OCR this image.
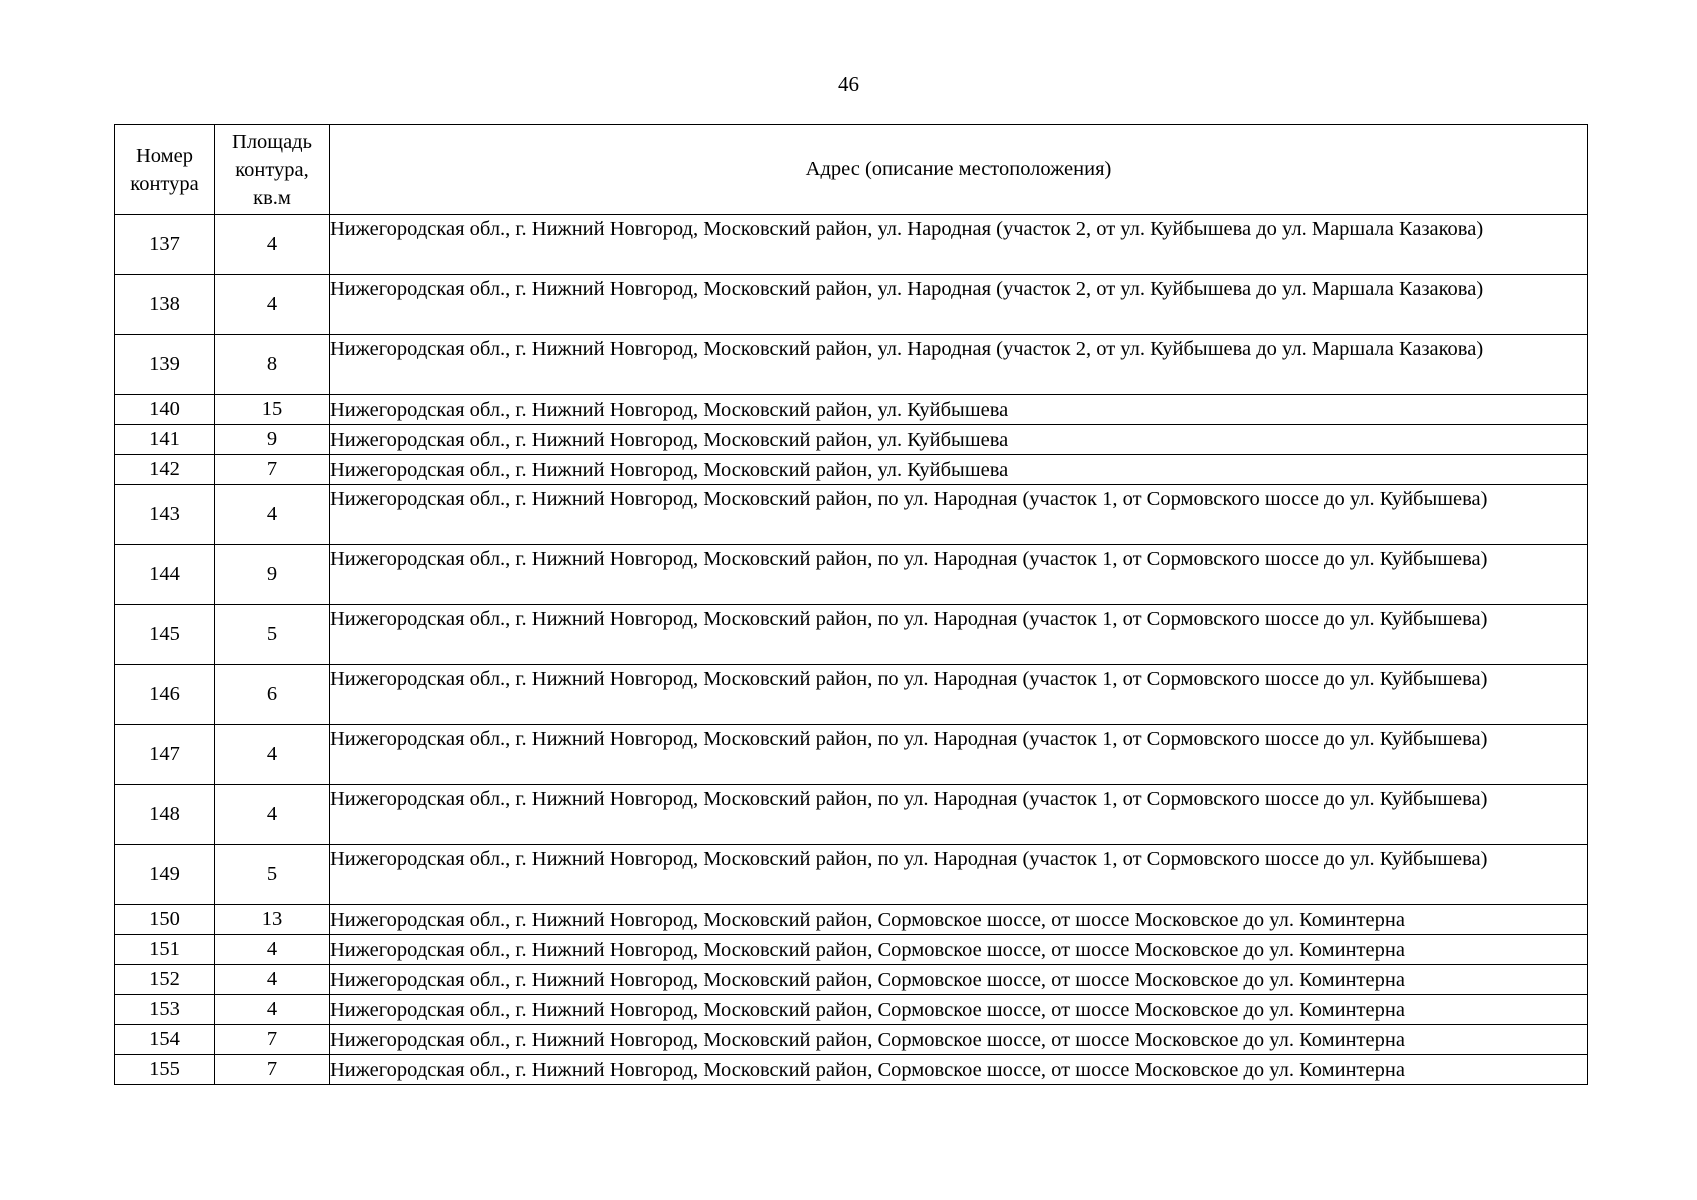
46
Номер контура	Площадь контура, кв.м	Адрес (описание местоположения)
137	4	Нижегородская обл., г. Нижний Новгород, Московский район, ул. Народная (участок 2, от ул. Куйбышева до ул. Маршала Казакова)
138	4	Нижегородская обл., г. Нижний Новгород, Московский район, ул. Народная (участок 2, от ул. Куйбышева до ул. Маршала Казакова)
139	8	Нижегородская обл., г. Нижний Новгород, Московский район, ул. Народная (участок 2, от ул. Куйбышева до ул. Маршала Казакова)
140	15	Нижегородская обл., г. Нижний Новгород, Московский район, ул. Куйбышева
141	9	Нижегородская обл., г. Нижний Новгород, Московский район, ул. Куйбышева
142	7	Нижегородская обл., г. Нижний Новгород, Московский район, ул. Куйбышева
143	4	Нижегородская обл., г. Нижний Новгород, Московский район, по ул. Народная (участок 1, от Сормовского шоссе до ул. Куйбышева)
144	9	Нижегородская обл., г. Нижний Новгород, Московский район, по ул. Народная (участок 1, от Сормовского шоссе до ул. Куйбышева)
145	5	Нижегородская обл., г. Нижний Новгород, Московский район, по ул. Народная (участок 1, от Сормовского шоссе до ул. Куйбышева)
146	6	Нижегородская обл., г. Нижний Новгород, Московский район, по ул. Народная (участок 1, от Сормовского шоссе до ул. Куйбышева)
147	4	Нижегородская обл., г. Нижний Новгород, Московский район, по ул. Народная (участок 1, от Сормовского шоссе до ул. Куйбышева)
148	4	Нижегородская обл., г. Нижний Новгород, Московский район, по ул. Народная (участок 1, от Сормовского шоссе до ул. Куйбышева)
149	5	Нижегородская обл., г. Нижний Новгород, Московский район, по ул. Народная (участок 1, от Сормовского шоссе до ул. Куйбышева)
150	13	Нижегородская обл., г. Нижний Новгород, Московский район, Сормовское шоссе, от шоссе Московское до ул. Коминтерна
151	4	Нижегородская обл., г. Нижний Новгород, Московский район, Сормовское шоссе, от шоссе Московское до ул. Коминтерна
152	4	Нижегородская обл., г. Нижний Новгород, Московский район, Сормовское шоссе, от шоссе Московское до ул. Коминтерна
153	4	Нижегородская обл., г. Нижний Новгород, Московский район, Сормовское шоссе, от шоссе Московское до ул. Коминтерна
154	7	Нижегородская обл., г. Нижний Новгород, Московский район, Сормовское шоссе, от шоссе Московское до ул. Коминтерна
155	7	Нижегородская обл., г. Нижний Новгород, Московский район, Сормовское шоссе, от шоссе Московское до ул. Коминтерна
